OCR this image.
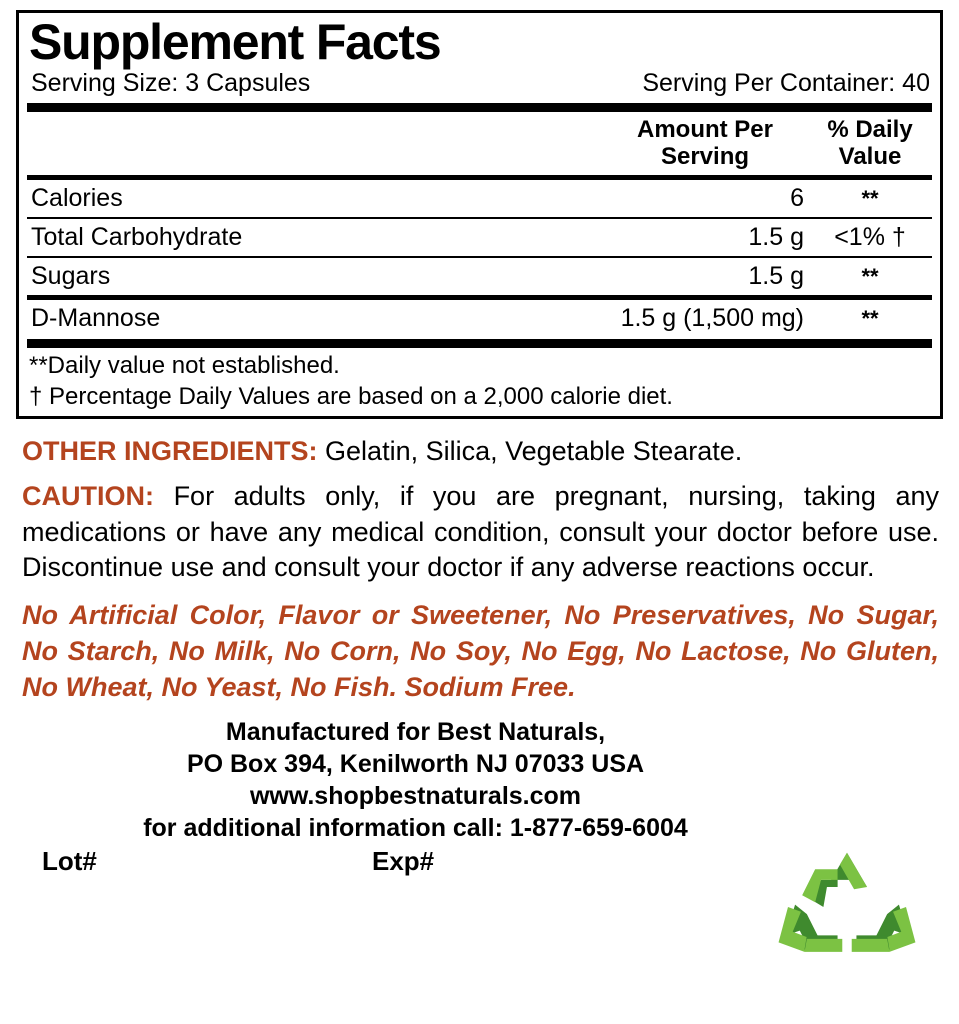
Supplement Facts
Serving Size: 3 Capsules	Serving Per Container: 40
Amount Per
Serving
% Daily
Value
Calories	6	**
Total Carbohydrate	1.5 g	<1% †
Sugars	1.5 g	**
D-Mannose	1.5 g (1,500 mg)	**
**Daily value not established.
† Percentage Daily Values are based on a 2,000 calorie diet.

OTHER INGREDIENTS: Gelatin, Silica, Vegetable Stearate.

CAUTION: For adults only, if you are pregnant, nursing, taking any medications or have any medical condition, consult your doctor before use. Discontinue use and consult your doctor if any adverse reactions occur.

No Artificial Color, Flavor or Sweetener, No Preservatives, No Sugar, No Starch, No Milk, No Corn, No Soy, No Egg, No Lactose, No Gluten, No Wheat, No Yeast, No Fish. Sodium Free.

Manufactured for Best Naturals,
PO Box 394, Kenilworth NJ 07033 USA
www.shopbestnaturals.com
for additional information call: 1-877-659-6004
Lot#	Exp#
